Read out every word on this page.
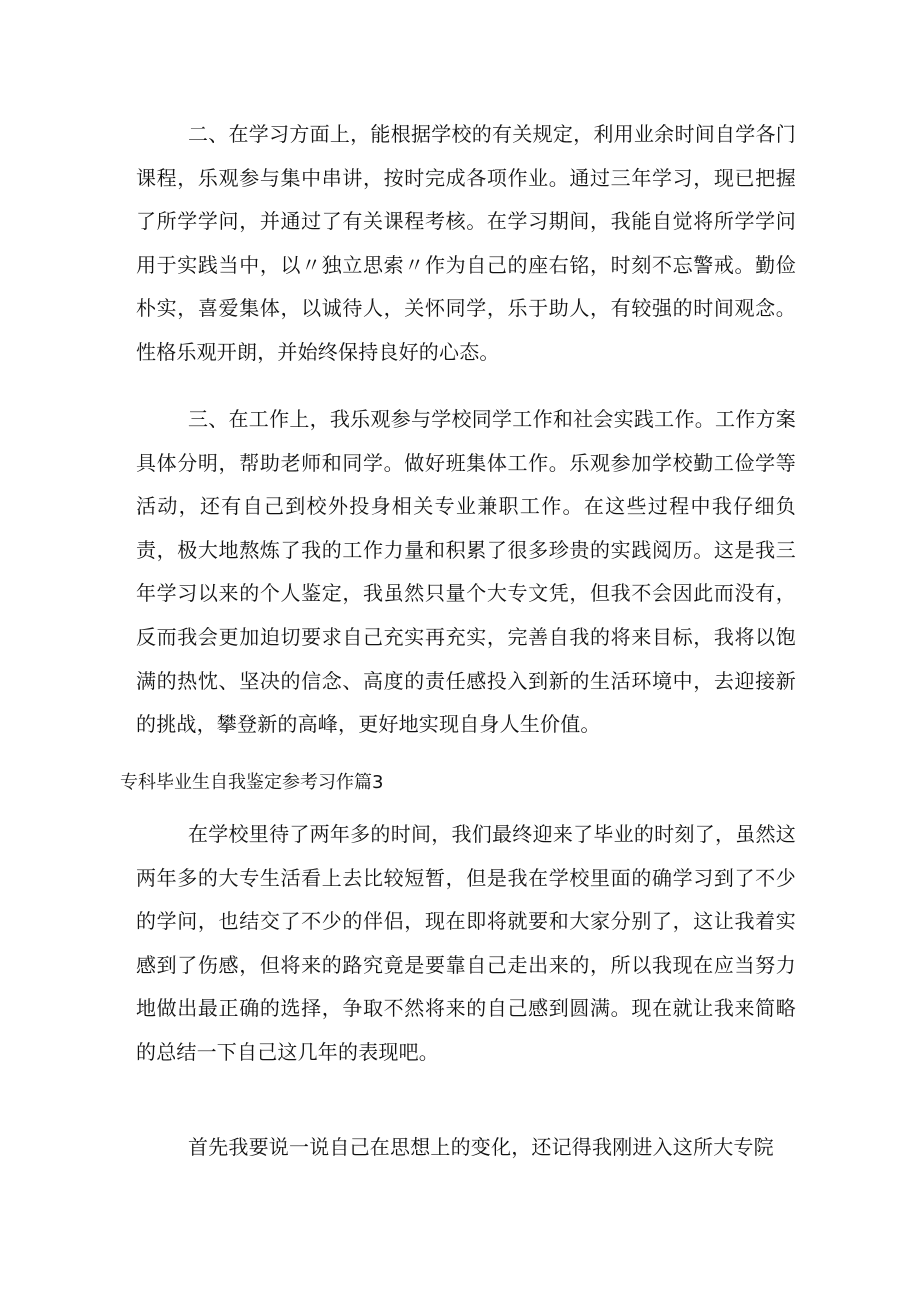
二、在学习方面上，能根据学校的有关规定，利用业余时间自学各门课程，乐观参与集中串讲，按时完成各项作业。通过三年学习，现已把握了所学学问，并通过了有关课程考核。在学习期间，我能自觉将所学学问用于实践当中，以〃独立思索〃作为自己的座右铭，时刻不忘警戒。勤俭朴实，喜爱集体，以诚待人，关怀同学，乐于助人，有较强的时间观念。性格乐观开朗，并始终保持良好的心态。

三、在工作上，我乐观参与学校同学工作和社会实践工作。工作方案具体分明，帮助老师和同学。做好班集体工作。乐观参加学校勤工俭学等活动，还有自己到校外投身相关专业兼职工作。在这些过程中我仔细负责，极大地熬炼了我的工作力量和积累了很多珍贵的实践阅历。这是我三年学习以来的个人鉴定，我虽然只量个大专文凭，但我不会因此而没有，反而我会更加迫切要求自己充实再充实，完善自我的将来目标，我将以饱满的热忱、坚决的信念、高度的责任感投入到新的生活环境中，去迎接新的挑战，攀登新的高峰，更好地实现自身人生价值。

专科毕业生自我鉴定参考习作篇3

在学校里待了两年多的时间，我们最终迎来了毕业的时刻了，虽然这两年多的大专生活看上去比较短暂，但是我在学校里面的确学习到了不少的学问，也结交了不少的伴侣，现在即将就要和大家分别了，这让我着实感到了伤感，但将来的路究竟是要靠自己走出来的，所以我现在应当努力地做出最正确的选择，争取不然将来的自己感到圆满。现在就让我来简略的总结一下自己这几年的表现吧。

首先我要说一说自己在思想上的变化，还记得我刚进入这所大专院
